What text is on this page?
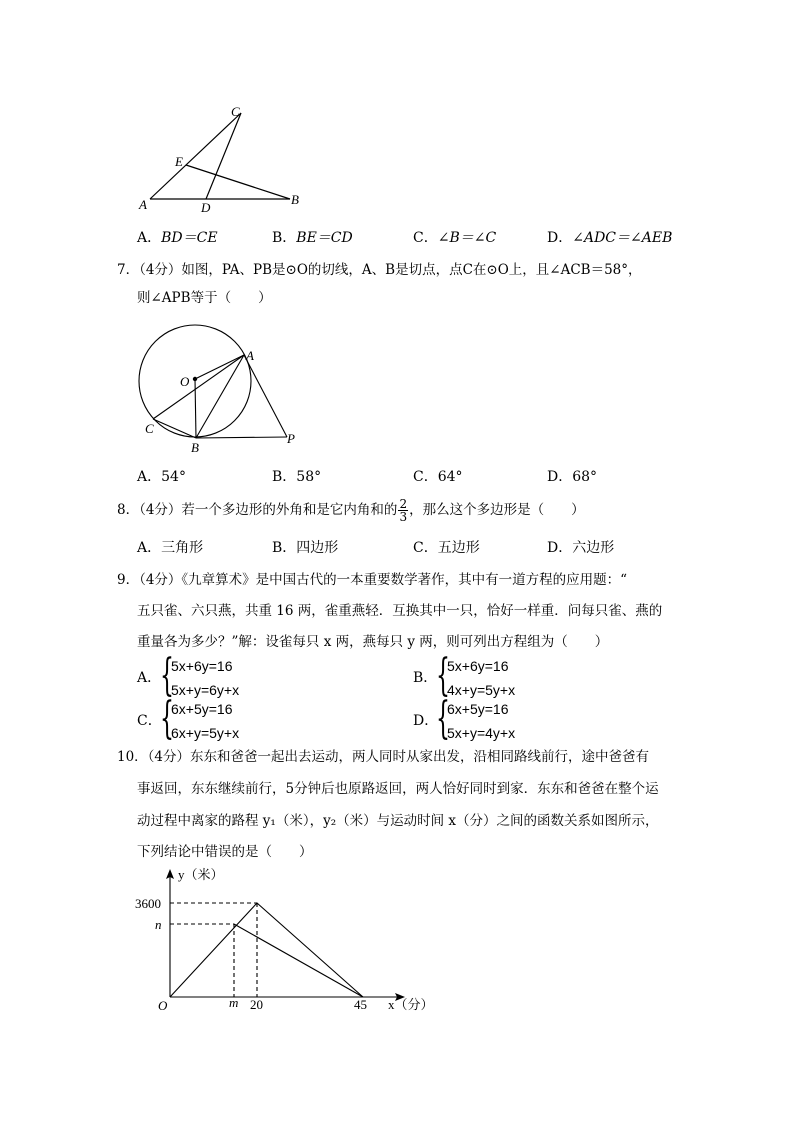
C
E
A	D
B
A．BD＝CE	B．BE＝CD	C．∠B＝∠C	D．∠ADC＝∠AEB
7．（4分）如图，PA、PB是⊙O的切线，A、B是切点，点C在⊙O上，且∠ACB＝58°，
则∠APB等于（　　）
O
A
C
B
P
A．54°	B．58°	C．64°	D．68°
8．（4分）若一个多边形的外角和是它内角和的 $\frac{2}{3}$ ，那么这个多边形是（　　）
A．三角形	B．四边形	C．五边形	D．六边形
9．（4分）《九章算术》是中国古代的一本重要数学著作，其中有一道方程的应用题：“
五只雀、六只燕，共重 16 两，雀重燕轻．互换其中一只，恰好一样重．问每只雀、燕的
重量各为多少？”解：设雀每只 x 两，燕每只 y 两，则可列出方程组为（　　）
A．
{
5x+6y=16
5x+y=6y+x
B．
{
5x+6y=16
4x+y=5y+x
C．
{
6x+5y=16
6x+y=5y+x
D．
{
6x+5y=16
5x+y=4y+x
10．（4分）东东和爸爸一起出去运动，两人同时从家出发，沿相同路线前行，途中爸爸有
事返回，东东继续前行，5分钟后也原路返回，两人恰好同时到家．东东和爸爸在整个运
动过程中离家的路程 y₁（米），y₂（米）与运动时间 x（分）之间的函数关系如图所示，
下列结论中错误的是（　　）
y（米）
x（分）
O
3600
n
m 20	45
